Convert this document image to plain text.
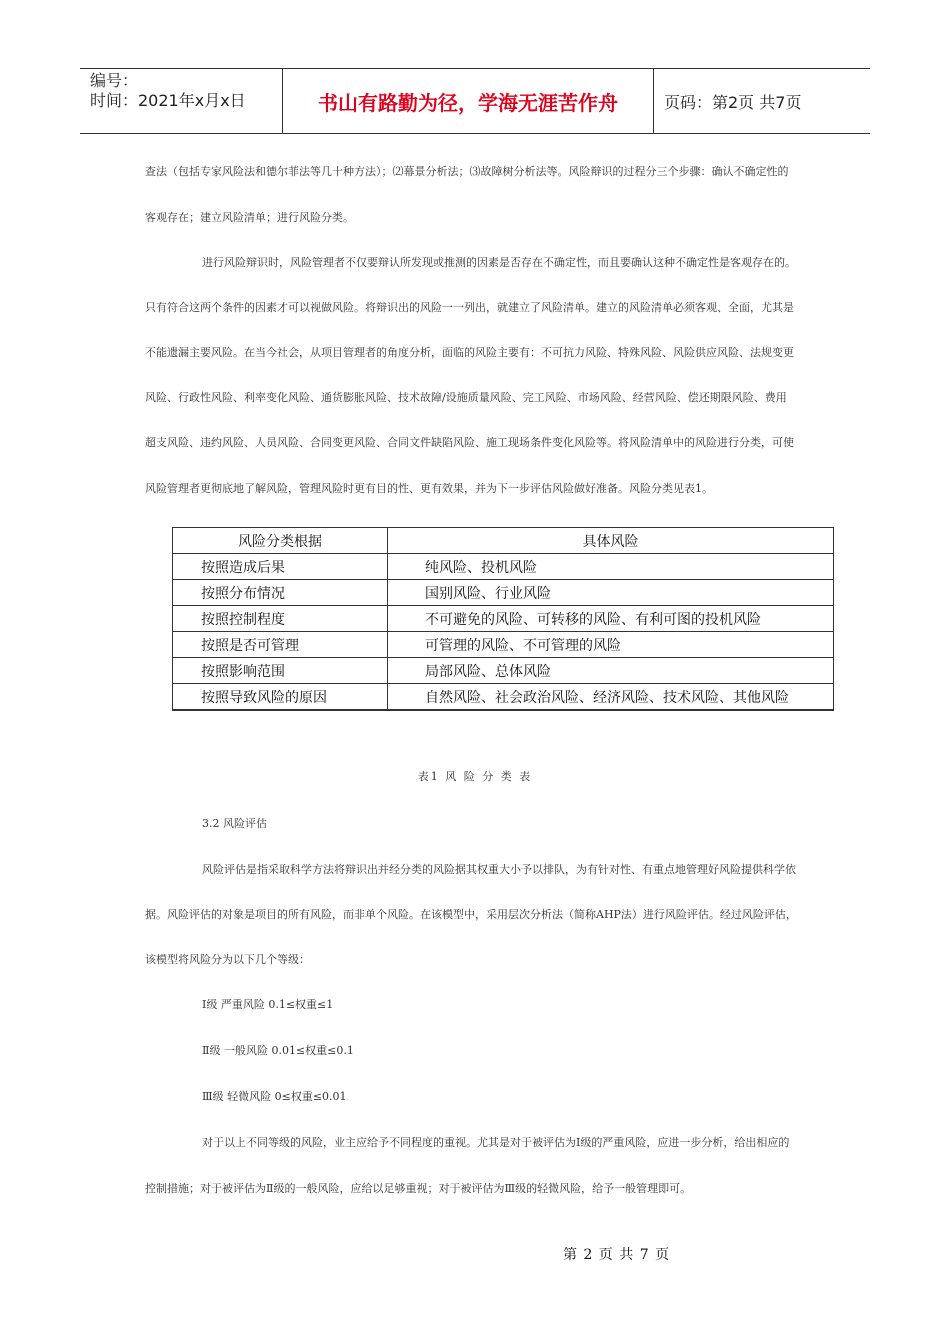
编号：
时间：2021年x月x日	书山有路勤为径，学海无涯苦作舟	页码：第2页 共7页

查法（包括专家风险法和德尔菲法等几十种方法）；⑵幕景分析法；⑶故障树分析法等。风险辩识的过程分三个步骤：确认不确定性的

客观存在；建立风险清单；进行风险分类。

进行风险辩识时，风险管理者不仅要辩认所发现或推测的因素是否存在不确定性，而且要确认这种不确定性是客观存在的。

只有符合这两个条件的因素才可以视做风险。将辩识出的风险一一列出，就建立了风险清单。建立的风险清单必须客观、全面，尤其是

不能遗漏主要风险。在当今社会，从项目管理者的角度分析，面临的风险主要有：不可抗力风险、特殊风险、风险供应风险、法规变更

风险、行政性风险、利率变化风险、通货膨胀风险、技术故障/设施质量风险、完工风险、市场风险、经营风险、偿还期限风险、费用

超支风险、违约风险、人员风险、合同变更风险、合同文件缺陷风险、施工现场条件变化风险等。将风险清单中的风险进行分类，可使

风险管理者更彻底地了解风险，管理风险时更有目的性、更有效果，并为下一步评估风险做好准备。风险分类见表1。

风险分类根据	具体风险
按照造成后果	纯风险、投机风险
按照分布情况	国别风险、行业风险
按照控制程度	不可避免的风险、可转移的风险、有利可图的投机风险
按照是否可管理	可管理的风险、不可管理的风险
按照影响范围	局部风险、总体风险
按照导致风险的原因	自然风险、社会政治风险、经济风险、技术风险、其他风险
表1 风 险 分 类 表

3.2 风险评估

风险评估是指采取科学方法将辩识出并经分类的风险据其权重大小予以排队，为有针对性、有重点地管理好风险提供科学依

据。风险评估的对象是项目的所有风险，而非单个风险。在该模型中，采用层次分析法（简称AHP法）进行风险评估。经过风险评估，

该模型将风险分为以下几个等级：

Ⅰ级 严重风险 0.1≤权重≤1

Ⅱ级 一般风险 0.01≤权重≤0.1

Ⅲ级 轻微风险 0≤权重≤0.01

对于以上不同等级的风险，业主应给予不同程度的重视。尤其是对于被评估为Ⅰ级的严重风险，应进一步分析，给出相应的

控制措施；对于被评估为Ⅱ级的一般风险，应给以足够重视；对于被评估为Ⅲ级的轻微风险，给予一般管理即可。

第 2 页 共 7 页
